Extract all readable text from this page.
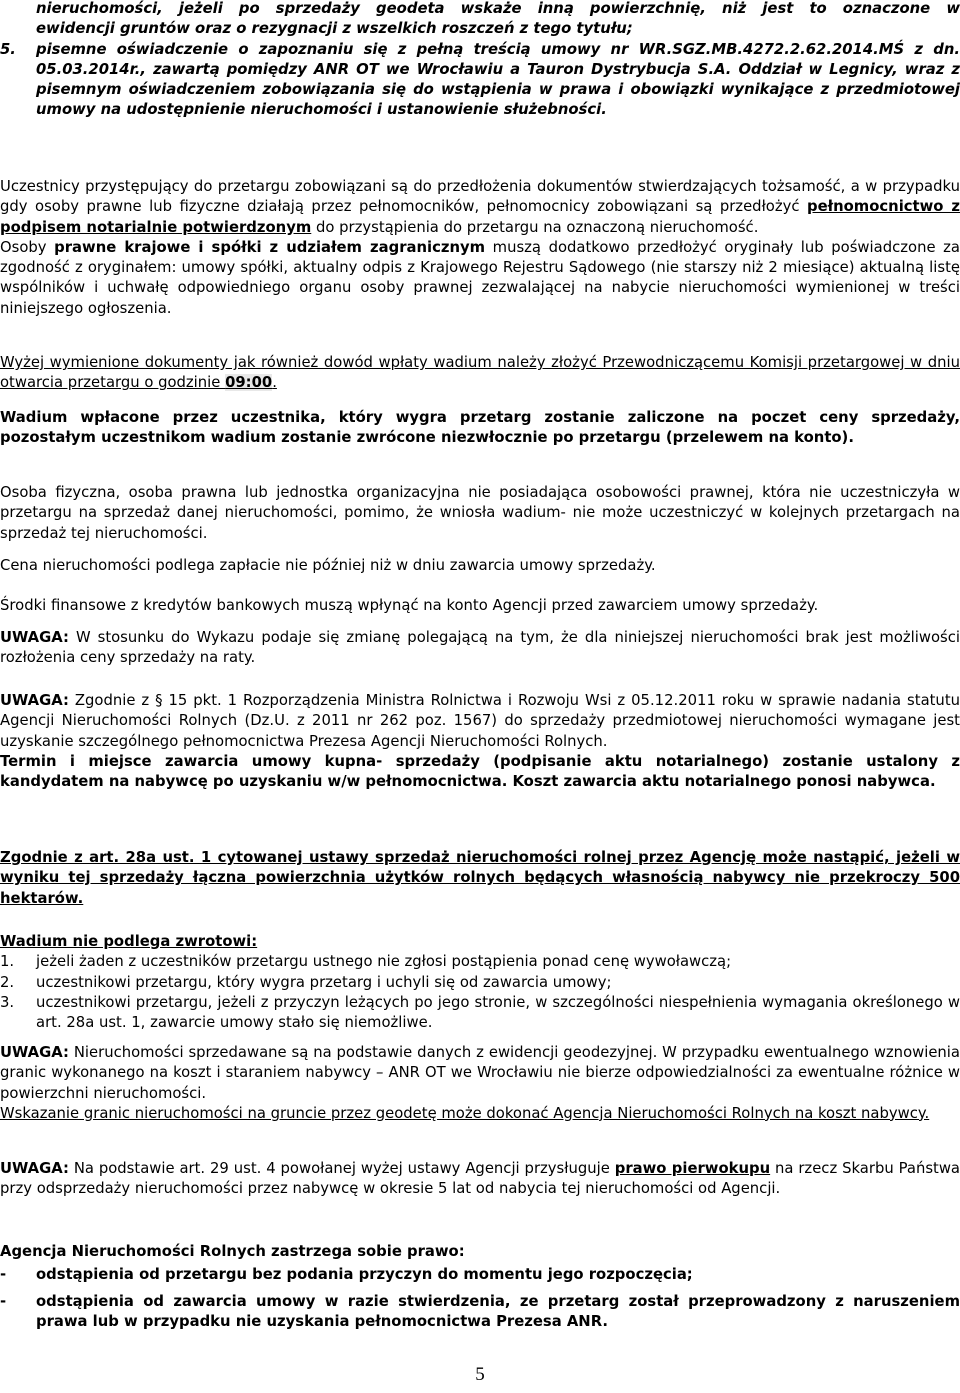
nieruchomości, jeżeli po sprzedaży geodeta wskaże inną powierzchnię, niż jest to oznaczone w

ewidencji gruntów oraz o rezygnacji z wszelkich roszczeń z tego tytułu;

5. pisemne oświadczenie o zapoznaniu się z pełną treścią umowy nr WR.SGZ.MB.4272.2.62.2014.MŚ z dn. 05.03.2014r., zawartą pomiędzy ANR OT we Wrocławiu a Tauron Dystrybucja S.A. Oddział w Legnicy, wraz z pisemnym oświadczeniem zobowiązania się do wstąpienia w prawa i obowiązki wynikające z przedmiotowej umowy na udostępnienie nieruchomości i ustanowienie służebności.

Uczestnicy przystępujący do przetargu zobowiązani są do przedłożenia dokumentów stwierdzających tożsamość, a w przypadku gdy osoby prawne lub fizyczne działają przez pełnomocników, pełnomocnicy zobowiązani są przedłożyć pełnomocnictwo z podpisem notarialnie potwierdzonym do przystąpienia do przetargu na oznaczoną nieruchomość.

Osoby prawne krajowe i spółki z udziałem zagranicznym muszą dodatkowo przedłożyć oryginały lub poświadczone za zgodność z oryginałem: umowy spółki, aktualny odpis z Krajowego Rejestru Sądowego (nie starszy niż 2 miesiące) aktualną listę wspólników i uchwałę odpowiedniego organu osoby prawnej zezwalającej na nabycie nieruchomości wymienionej w treści niniejszego ogłoszenia.

Wyżej wymienione dokumenty jak również dowód wpłaty wadium należy złożyć Przewodniczącemu Komisji przetargowej w dniu otwarcia przetargu o godzinie 09:00.

Wadium wpłacone przez uczestnika, który wygra przetarg zostanie zaliczone na poczet ceny sprzedaży, pozostałym uczestnikom wadium zostanie zwrócone niezwłocznie po przetargu (przelewem na konto).
Osoba fizyczna, osoba prawna lub jednostka organizacyjna nie posiadająca osobowości prawnej, która nie uczestniczyła w przetargu na sprzedaż danej nieruchomości, pomimo, że wniosła wadium- nie może uczestniczyć w kolejnych przetargach na sprzedaż tej nieruchomości.
Cena nieruchomości podlega zapłacie nie później niż w dniu zawarcia umowy sprzedaży.
Środki finansowe z kredytów bankowych muszą wpłynąć na konto Agencji przed zawarciem umowy sprzedaży.

UWAGA: W stosunku do Wykazu podaje się zmianę polegającą na tym, że dla niniejszej nieruchomości brak jest możliwości rozłożenia ceny sprzedaży na raty.

UWAGA: Zgodnie z § 15 pkt. 1 Rozporządzenia Ministra Rolnictwa i Rozwoju Wsi z 05.12.2011 roku w sprawie nadania statutu Agencji Nieruchomości Rolnych (Dz.U. z 2011 nr 262 poz. 1567) do sprzedaży przedmiotowej nieruchomości wymagane jest uzyskanie szczególnego pełnomocnictwa Prezesa Agencji Nieruchomości Rolnych.

Termin i miejsce zawarcia umowy kupna- sprzedaży (podpisanie aktu notarialnego) zostanie ustalony z kandydatem na nabywcę po uzyskaniu w/w pełnomocnictwa. Koszt zawarcia aktu notarialnego ponosi nabywca.

Zgodnie z art. 28a ust. 1 cytowanej ustawy sprzedaż nieruchomości rolnej przez Agencję może nastąpić, jeżeli w wyniku tej sprzedaży łączna powierzchnia użytków rolnych będących własnością nabywcy nie przekroczy 500 hektarów.

Wadium nie podlega zwrotowi:

1. jeżeli żaden z uczestników przetargu ustnego nie zgłosi postąpienia ponad cenę wywoławczą;

2. uczestnikowi przetargu, który wygra przetarg i uchyli się od zawarcia umowy;

3. uczestnikowi przetargu, jeżeli z przyczyn leżących po jego stronie, w szczególności niespełnienia wymagania określonego w art. 28a ust. 1, zawarcie umowy stało się niemożliwe.

UWAGA: Nieruchomości sprzedawane są na podstawie danych z ewidencji geodezyjnej. W przypadku ewentualnego wznowienia granic wykonanego na koszt i staraniem nabywcy – ANR OT we Wrocławiu nie bierze odpowiedzialności za ewentualne różnice w powierzchni nieruchomości.

Wskazanie granic nieruchomości na gruncie przez geodetę może dokonać Agencja Nieruchomości Rolnych na koszt nabywcy.

UWAGA: Na podstawie art. 29 ust. 4 powołanej wyżej ustawy Agencji przysługuje prawo pierwokupu na rzecz Skarbu Państwa przy odsprzedaży nieruchomości przez nabywcę w okresie 5 lat od nabycia tej nieruchomości od Agencji.

Agencja Nieruchomości Rolnych zastrzega sobie prawo:

- odstąpienia od przetargu bez podania przyczyn do momentu jego rozpoczęcia;

- odstąpienia od zawarcia umowy w razie stwierdzenia, ze przetarg został przeprowadzony z naruszeniem prawa lub w przypadku nie uzyskania pełnomocnictwa Prezesa ANR.

5
